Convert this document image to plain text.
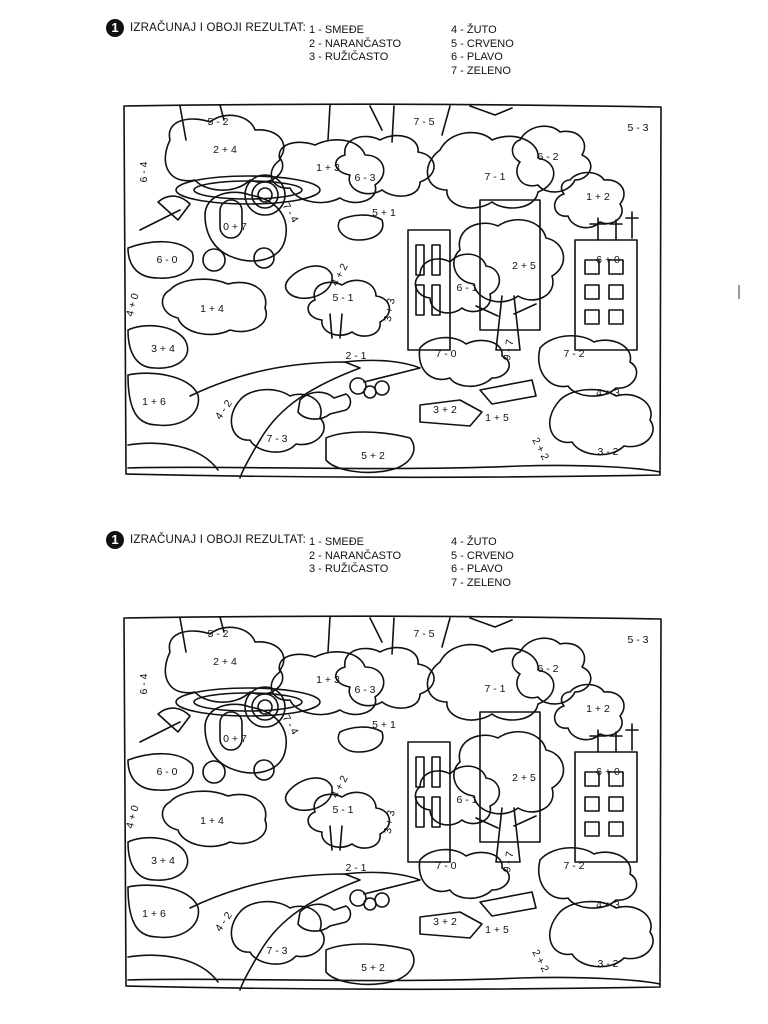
1 IZRAČUNAJ I OBOJI REZULTAT: 1 - SMEĐE
2 - NARANČASTO
3 - RUŽIČASTO
4 - ŽUTO
5 - CRVENO
6 - PLAVO
7 - ZELENO
5 - 2	7 - 5	5 - 3
2 + 4
6 - 4	1 + 3
6 - 3	7 - 1
6 - 2
1 + 2
7 - 4
0 + 7
5 + 1
6 - 0
4 + 2	2 + 5	6 + 0
5 - 1	3 + 3
6 - 1
4 + 0	1 + 4
3 + 4
2 - 1	7 - 0	9 - 7	7 - 2
1 + 6	4 - 2	3 + 2
1 + 5
4 + 3
7 - 3
5 + 2	2 + 2	3 - 2
1 IZRAČUNAJ I OBOJI REZULTAT: 1 - SMEĐE
2 - NARANČASTO
3 - RUŽIČASTO
4 - ŽUTO
5 - CRVENO
6 - PLAVO
7 - ZELENO
5 - 2	7 - 5	5 - 3
2 + 4
6 - 4	1 + 3
6 - 3	7 - 1
6 - 2
1 + 2
7 - 4
0 + 7
5 + 1
6 - 0
4 + 2	2 + 5	6 + 0
5 - 1	3 + 3
6 - 1
4 + 0	1 + 4
3 + 4
2 - 1	7 - 0	9 - 7	7 - 2
1 + 6	4 - 2	3 + 2
1 + 5
4 + 3
7 - 3
5 + 2	2 + 2	3 - 2
